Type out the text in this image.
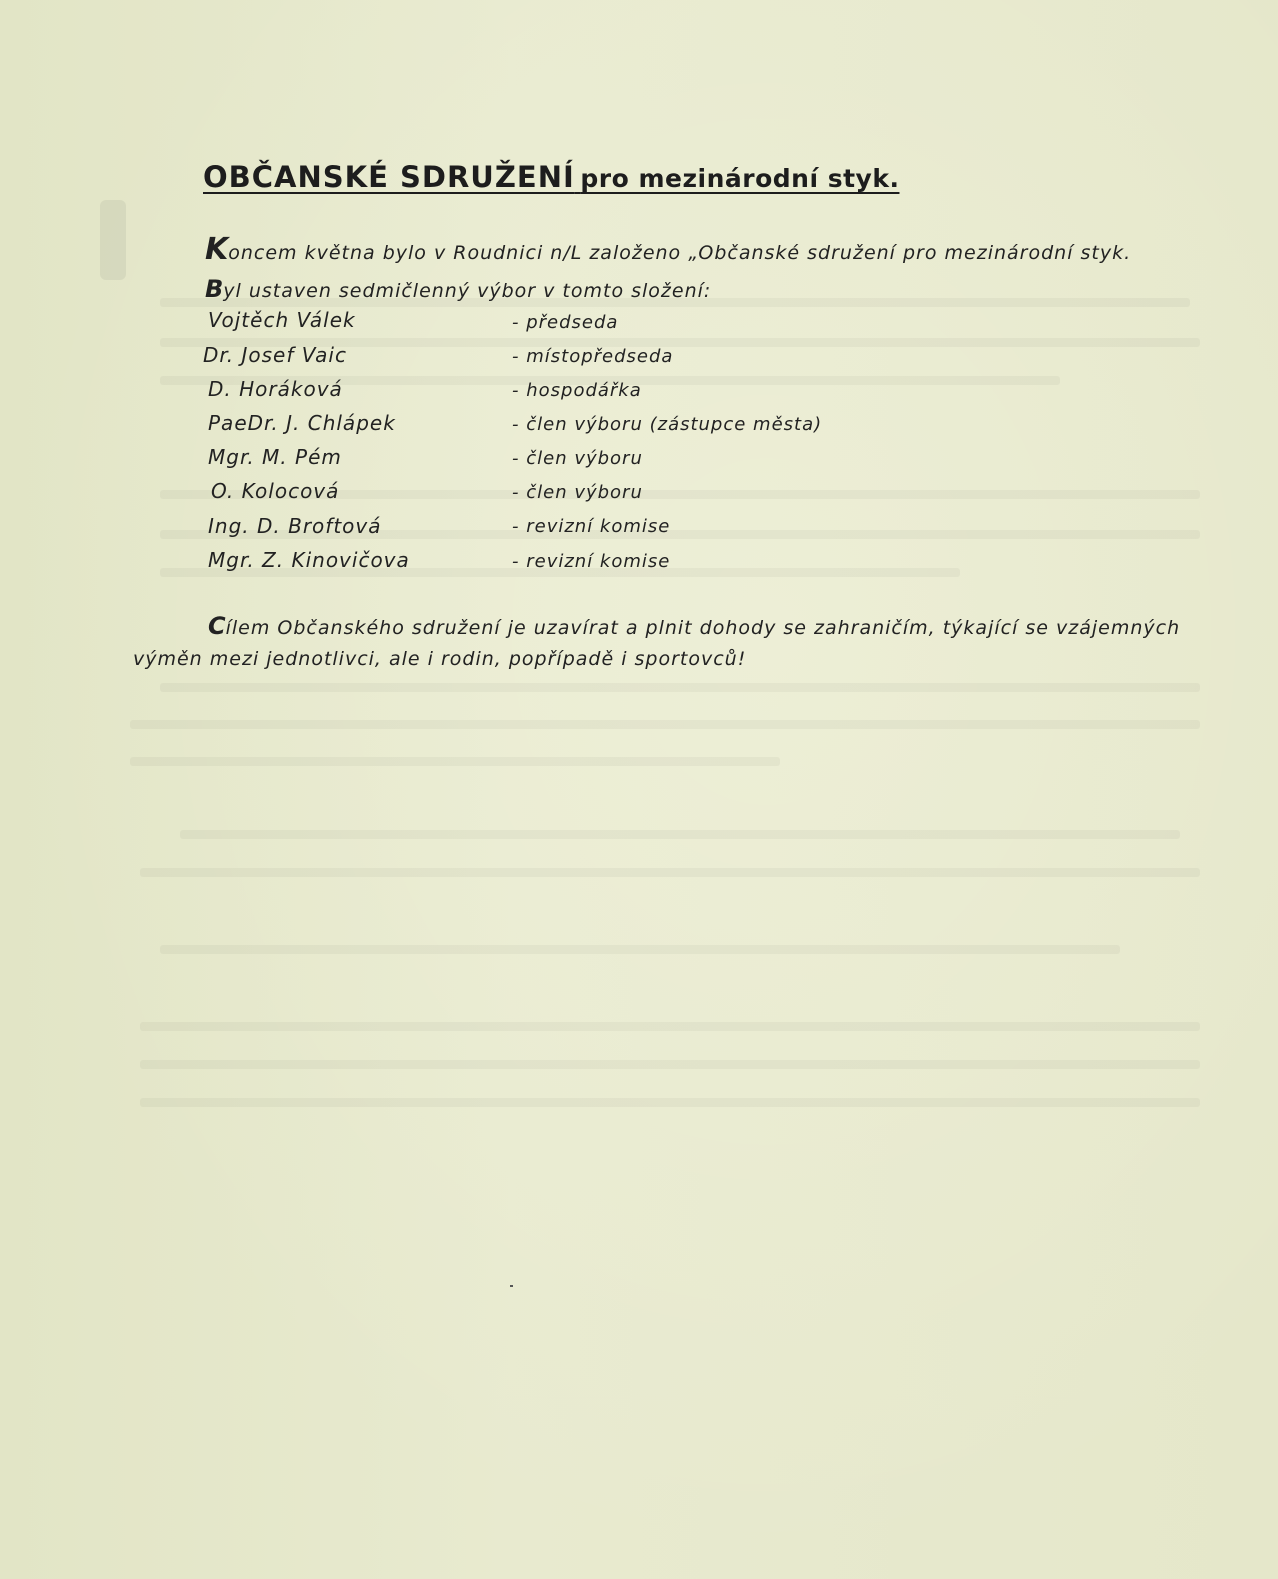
OBČANSKÉ SDRUŽENÍ pro mezinárodní styk.
Koncem května bylo v Roudnici n/L založeno „Občanské sdružení pro mezinárodní styk.
Byl ustaven sedmičlenný výbor v tomto složení:
Vojtěch Válek	- předseda
Dr. Josef Vaic	- místopředseda
D. Horáková	- hospodářka
PaeDr. J. Chlápek	- člen výboru (zástupce města)
Mgr. M. Pém	- člen výboru
O. Kolocová	- člen výboru
Ing. D. Broftová	- revizní komise
Mgr. Z. Kinovičova	- revizní komise
Cílem Občanského sdružení je uzavírat a plnit dohody se zahraničím, týkající se vzájemných
výměn mezi jednotlivci, ale i rodin, popřípadě i sportovců!
